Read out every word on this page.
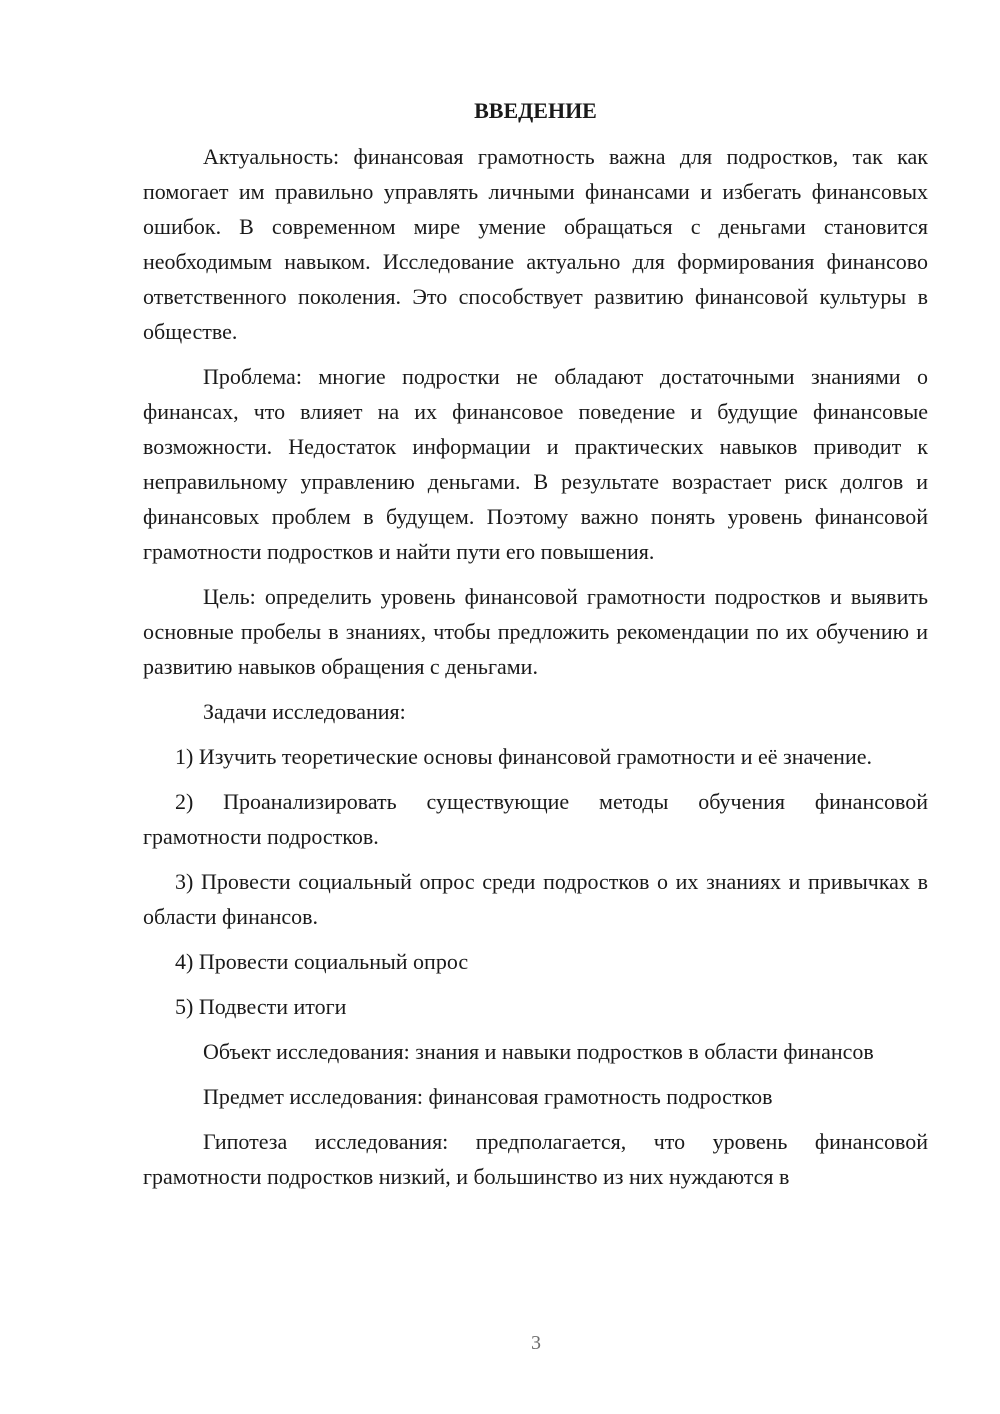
ВВЕДЕНИЕ

Актуальность: финансовая грамотность важна для подростков, так как помогает им правильно управлять личными финансами и избегать финансовых ошибок. В современном мире умение обращаться с деньгами становится необходимым навыком. Исследование актуально для формирования финансово ответственного поколения. Это способствует развитию финансовой культуры в обществе.

Проблема: многие подростки не обладают достаточными знаниями о финансах, что влияет на их финансовое поведение и будущие финансовые возможности. Недостаток информации и практических навыков приводит к неправильному управлению деньгами. В результате возрастает риск долгов и финансовых проблем в будущем. Поэтому важно понять уровень финансовой грамотности подростков и найти пути его повышения.

Цель: определить уровень финансовой грамотности подростков и выявить основные пробелы в знаниях, чтобы предложить рекомендации по их обучению и развитию навыков обращения с деньгами.

Задачи исследования:

1) Изучить теоретические основы финансовой грамотности и её значение.

2) Проанализировать существующие методы обучения финансовой грамотности подростков.

3) Провести социальный опрос среди подростков о их знаниях и привычках в области финансов.

4) Провести социальный опрос

5) Подвести итоги

Объект исследования: знания и навыки подростков в области финансов

Предмет исследования: финансовая грамотность подростков

Гипотеза исследования: предполагается, что уровень финансовой грамотности подростков низкий, и большинство из них нуждаются в

3
